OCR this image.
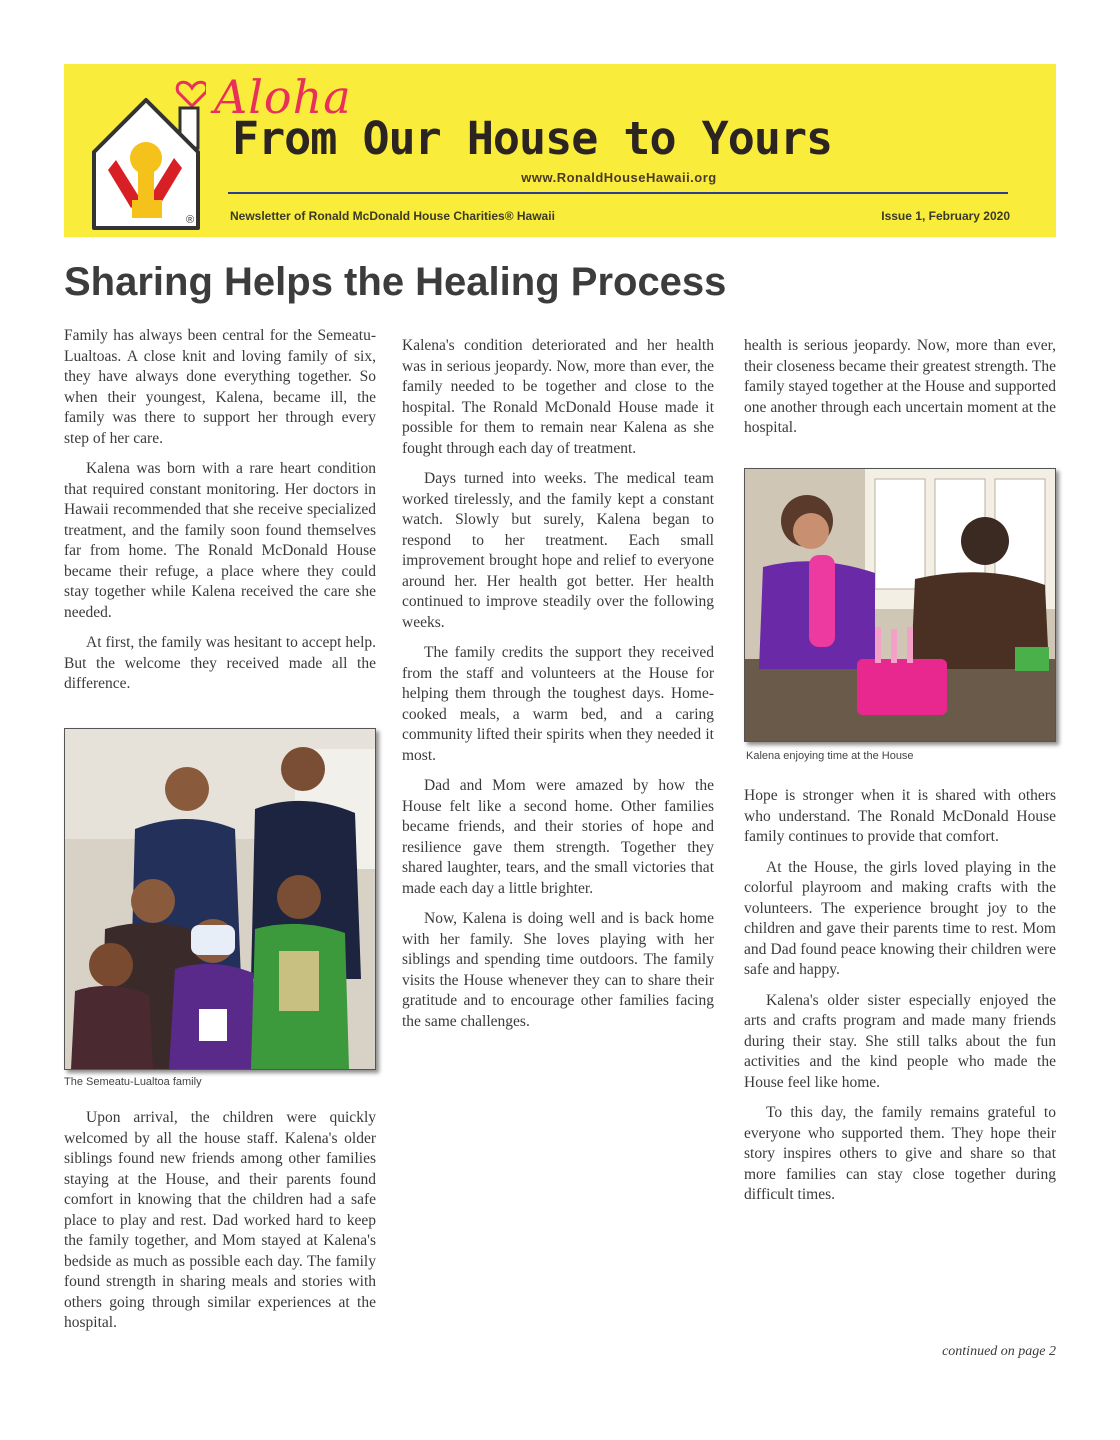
®
Aloha
From Our House to Yours
www.RonaldHouseHawaii.org
Newsletter of Ronald McDonald House Charities® Hawaii	Issue 1, February 2020
Sharing Helps the Healing Process

Family has always been central for the Semeatu-Lualtoas. A close knit and loving family of six, they have always done everything together. So when their youngest, Kalena, became ill, the family was there to support her through every step of her care.

Kalena was born with a rare heart condition that required constant monitoring. Her doctors in Hawaii recommended that she receive specialized treatment, and the family soon found themselves far from home. The Ronald McDonald House became their refuge, a place where they could stay together while Kalena received the care she needed.

At first, the family was hesitant to accept help. But the welcome they received made all the difference.

The Semeatu-Lualtoa family

Upon arrival, the children were quickly welcomed by all the house staff. Kalena's older siblings found new friends among other families staying at the House, and their parents found comfort in knowing that the children had a safe place to play and rest. Dad worked hard to keep the family together, and Mom stayed at Kalena's bedside as much as possible each day. The family found strength in sharing meals and stories with others going through similar experiences at the hospital.

Kalena's condition deteriorated and her health was in serious jeopardy. Now, more than ever, the family needed to be together and close to the hospital. The Ronald McDonald House made it possible for them to remain near Kalena as she fought through each day of treatment.

Days turned into weeks. The medical team worked tirelessly, and the family kept a constant watch. Slowly but surely, Kalena began to respond to her treatment. Each small improvement brought hope and relief to everyone around her. Her health got better. Her health continued to improve steadily over the following weeks.

The family credits the support they received from the staff and volunteers at the House for helping them through the toughest days. Home-cooked meals, a warm bed, and a caring community lifted their spirits when they needed it most.

Dad and Mom were amazed by how the House felt like a second home. Other families became friends, and their stories of hope and resilience gave them strength. Together they shared laughter, tears, and the small victories that made each day a little brighter.

Now, Kalena is doing well and is back home with her family. She loves playing with her siblings and spending time outdoors. The family visits the House whenever they can to share their gratitude and to encourage other families facing the same challenges.

health is serious jeopardy. Now, more than ever, their closeness became their greatest strength. The family stayed together at the House and supported one another through each uncertain moment at the hospital.

Kalena enjoying time at the House

Hope is stronger when it is shared with others who understand. The Ronald McDonald House family continues to provide that comfort.

At the House, the girls loved playing in the colorful playroom and making crafts with the volunteers. The experience brought joy to the children and gave their parents time to rest. Mom and Dad found peace knowing their children were safe and happy.

Kalena's older sister especially enjoyed the arts and crafts program and made many friends during their stay. She still talks about the fun activities and the kind people who made the House feel like home.

To this day, the family remains grateful to everyone who supported them. They hope their story inspires others to give and share so that more families can stay close together during difficult times.

continued on page 2
